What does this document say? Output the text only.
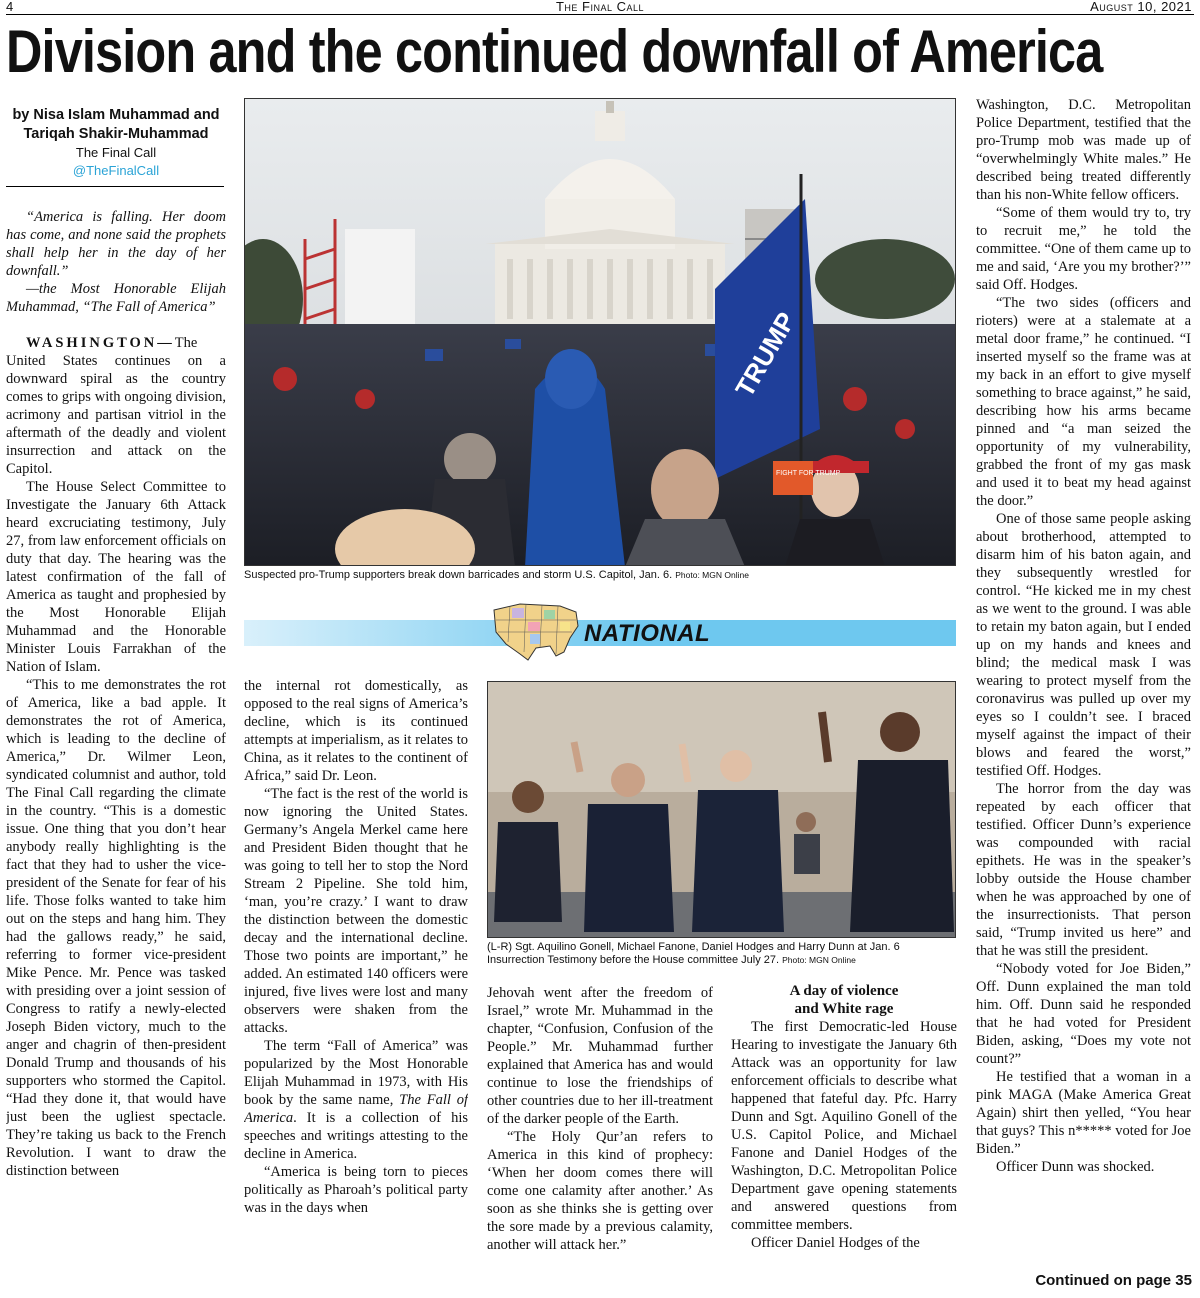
4	The Final Call	August 10, 2021
Division and the continued downfall of America
by Nisa Islam Muhammad and
Tariqah Shakir-Muhammad
The Final Call
@TheFinalCall

“America is falling. Her doom has come, and none said the prophets shall help her in the day of her downfall.”

—the Most Honorable Elijah Muhammad, “The Fall of America”

WASHINGTON—The United States continues on a downward spiral as the country comes to grips with ongoing division, acrimony and partisan vitriol in the aftermath of the deadly and violent insurrection and attack on the Capitol.

The House Select Committee to Investigate the January 6th Attack heard excruciating testimony, July 27, from law enforcement officials on duty that day. The hearing was the latest confirmation of the fall of America as taught and prophesied by the Most Honorable Elijah Muhammad and the Honorable Minister Louis Farrakhan of the Nation of Islam.

“This to me demonstrates the rot of America, like a bad apple. It demonstrates the rot of America, which is leading to the decline of America,” Dr. Wilmer Leon, syndicated columnist and author, told The Final Call regarding the climate in the country. “This is a domestic issue. One thing that you don’t hear anybody really highlighting is the fact that they had to usher the vice-president of the Senate for fear of his life. Those folks wanted to take him out on the steps and hang him. They had the gallows ready,” he said, referring to former vice-president Mike Pence. Mr. Pence was tasked with presiding over a joint session of Congress to ratify a newly-elected Joseph Biden victory, much to the anger and chagrin of then-president Donald Trump and thousands of his supporters who stormed the Capitol. “Had they done it, that would have just been the ugliest spectacle. They’re taking us back to the French Revolution. I want to draw the distinction between

TRUMP
FIGHT FOR TRUMP
Suspected pro-Trump supporters break down barricades and storm U.S. Capitol, Jan. 6. Photo: MGN Online
NATIONAL
(L-R) Sgt. Aquilino Gonell, Michael Fanone, Daniel Hodges and Harry Dunn at Jan. 6 Insurrection Testimony before the House committee July 27. Photo: MGN Online

the internal rot domestically, as opposed to the real signs of America’s decline, which is its continued attempts at imperialism, as it relates to China, as it relates to the continent of Africa,” said Dr. Leon.

“The fact is the rest of the world is now ignoring the United States. Germany’s Angela Merkel came here and President Biden thought that he was going to tell her to stop the Nord Stream 2 Pipeline. She told him, ‘man, you’re crazy.’ I want to draw the distinction between the domestic decay and the international decline. Those two points are important,” he added. An estimated 140 officers were injured, five lives were lost and many observers were shaken from the attacks.

The term “Fall of America” was popularized by the Most Honorable Elijah Muhammad in 1973, with His book by the same name, The Fall of America. It is a collection of his speeches and writings attesting to the decline in America.

“America is being torn to pieces politically as Pharoah’s political party was in the days when

Jehovah went after the freedom of Israel,” wrote Mr. Muhammad in the chapter, “Confusion, Confusion of the People.” Mr. Muhammad further explained that America has and would continue to lose the friendships of other countries due to her ill-treatment of the darker people of the Earth.

“The Holy Qur’an refers to America in this kind of prophecy: ‘When her doom comes there will come one calamity after another.’ As soon as she thinks she is getting over the sore made by a previous calamity, another will attack her.”

A day of violence
and White rage

The first Democratic-led House Hearing to investigate the January 6th Attack was an opportunity for law enforcement officials to describe what happened that fateful day. Pfc. Harry Dunn and Sgt. Aquilino Gonell of the U.S. Capitol Police, and Michael Fanone and Daniel Hodges of the Washington, D.C. Metropolitan Police Department gave opening statements and answered questions from committee members.

Officer Daniel Hodges of the

Washington, D.C. Metropolitan Police Department, testified that the pro-Trump mob was made up of “overwhelmingly White males.” He described being treated differently than his non-White fellow officers.

“Some of them would try to, try to recruit me,” he told the committee. “One of them came up to me and said, ‘Are you my brother?’” said Off. Hodges.

“The two sides (officers and rioters) were at a stalemate at a metal door frame,” he continued. “I inserted myself so the frame was at my back in an effort to give myself something to brace against,” he said, describing how his arms became pinned and “a man seized the opportunity of my vulnerability, grabbed the front of my gas mask and used it to beat my head against the door.”

One of those same people asking about brotherhood, attempted to disarm him of his baton again, and they subsequently wrestled for control. “He kicked me in my chest as we went to the ground. I was able to retain my baton again, but I ended up on my hands and knees and blind; the medical mask I was wearing to protect myself from the coronavirus was pulled up over my eyes so I couldn’t see. I braced myself against the impact of their blows and feared the worst,” testified Off. Hodges.

The horror from the day was repeated by each officer that testified. Officer Dunn’s experience was compounded with racial epithets. He was in the speaker’s lobby outside the House chamber when he was approached by one of the insurrectionists. That person said, “Trump invited us here” and that he was still the president.

“Nobody voted for Joe Biden,” Off. Dunn explained the man told him. Off. Dunn said he responded that he had voted for President Biden, asking, “Does my vote not count?”

He testified that a woman in a pink MAGA (Make America Great Again) shirt then yelled, “You hear that guys? This n***** voted for Joe Biden.”

Officer Dunn was shocked.

Continued on page 35
